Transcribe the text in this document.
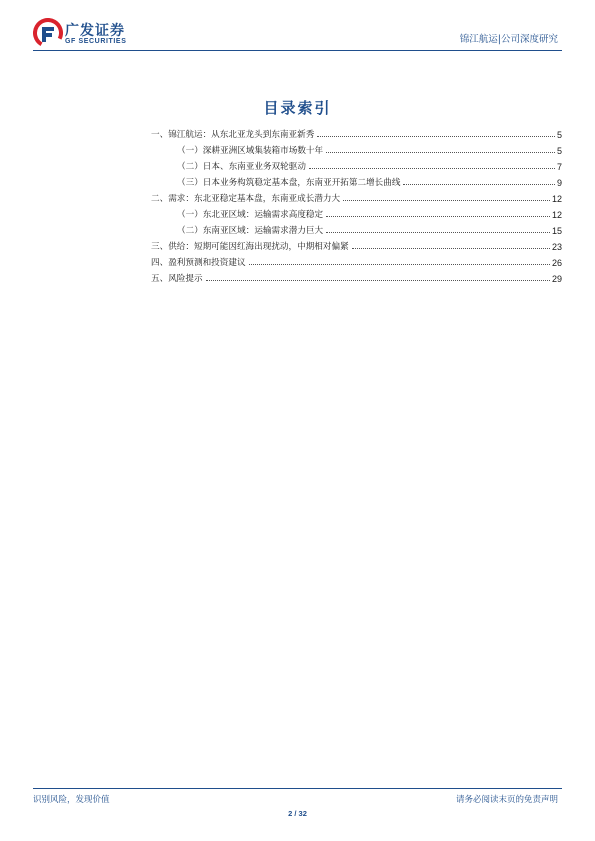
广发证券
GF SECURITIES	锦江航运|公司深度研究
目录索引
一、锦江航运：从东北亚龙头到东南亚新秀	5
（一）深耕亚洲区域集装箱市场数十年	5
（二）日本、东南亚业务双轮驱动	7
（三）日本业务构筑稳定基本盘，东南亚开拓第二增长曲线	9
二、需求：东北亚稳定基本盘，东南亚成长潜力大	12
（一）东北亚区域：运输需求高度稳定	12
（二）东南亚区域：运输需求潜力巨大	15
三、供给：短期可能因红海出现扰动，中期相对偏紧	23
四、盈利预测和投资建议	26
五、风险提示	29
识别风险，发现价值	请务必阅读末页的免责声明
2 / 32
